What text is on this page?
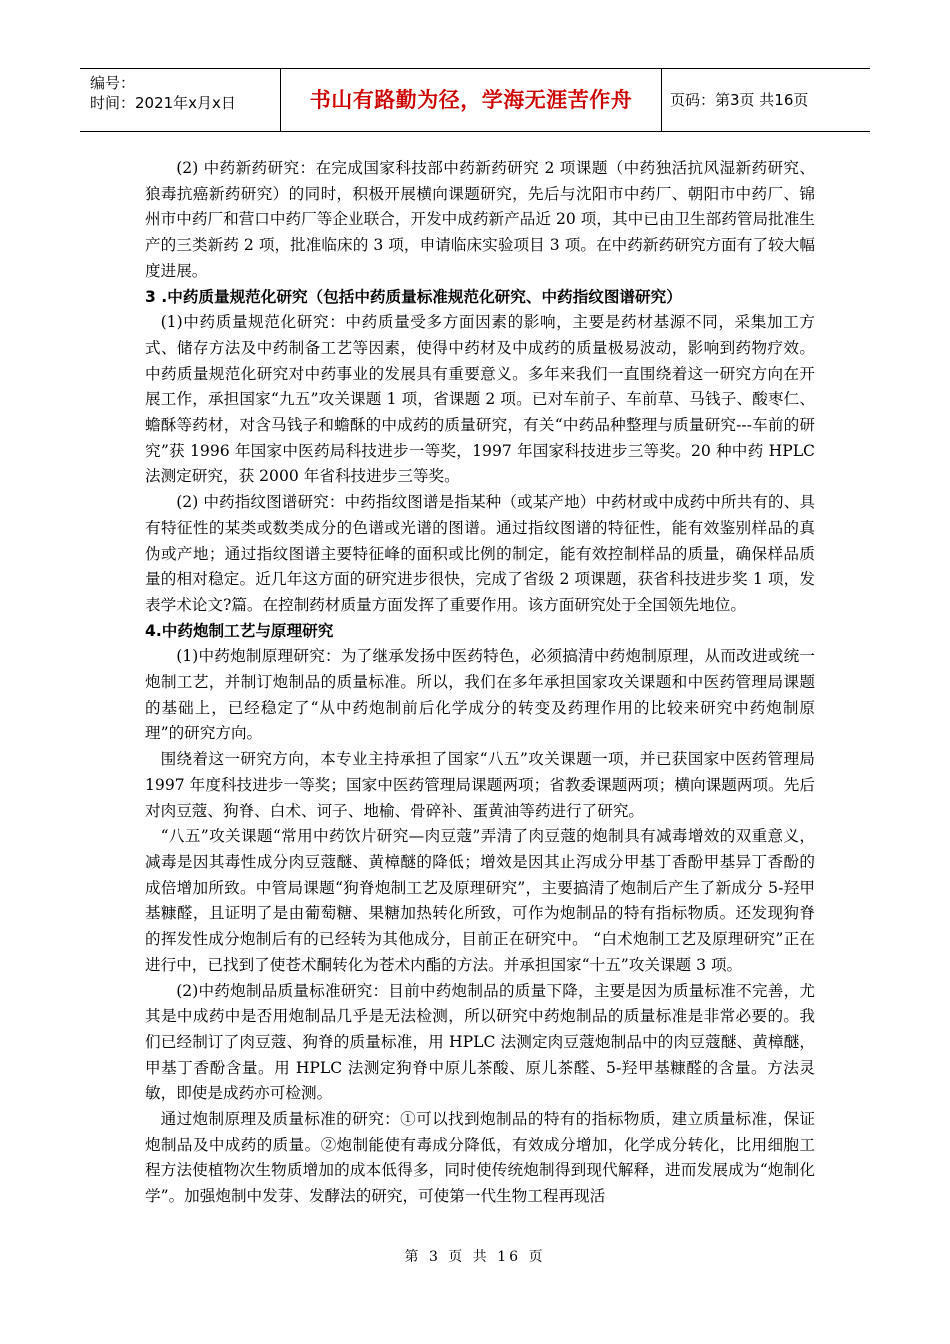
编号：
时间：2021年x月x日	书山有路勤为径，学海无涯苦作舟	页码：第3页 共16页

(2) 中药新药研究：在完成国家科技部中药新药研究 2 项课题（中药独活抗风湿新药研究、狼毒抗癌新药研究）的同时，积极开展横向课题研究，先后与沈阳市中药厂、朝阳市中药厂、锦州市中药厂和营口中药厂等企业联合，开发中成药新产品近 20 项，其中已由卫生部药管局批准生产的三类新药 2 项，批准临床的 3 项，申请临床实验项目 3 项。在中药新药研究方面有了较大幅度进展。

3 .中药质量规范化研究（包括中药质量标准规范化研究、中药指纹图谱研究）

(1)中药质量规范化研究：中药质量受多方面因素的影响，主要是药材基源不同，采集加工方式、储存方法及中药制备工艺等因素，使得中药材及中成药的质量极易波动，影响到药物疗效。中药质量规范化研究对中药事业的发展具有重要意义。多年来我们一直围绕着这一研究方向在开展工作，承担国家“九五”攻关课题 1 项，省课题 2 项。已对车前子、车前草、马钱子、酸枣仁、蟾酥等药材，对含马钱子和蟾酥的中成药的质量研究，有关“中药品种整理与质量研究---车前的研究”获 1996 年国家中医药局科技进步一等奖，1997 年国家科技进步三等奖。20 种中药 HPLC 法测定研究，获 2000 年省科技进步三等奖。

(2) 中药指纹图谱研究：中药指纹图谱是指某种（或某产地）中药材或中成药中所共有的、具有特征性的某类或数类成分的色谱或光谱的图谱。通过指纹图谱的特征性，能有效鉴别样品的真伪或产地；通过指纹图谱主要特征峰的面积或比例的制定，能有效控制样品的质量，确保样品质量的相对稳定。近几年这方面的研究进步很快，完成了省级 2 项课题，获省科技进步奖 1 项，发表学术论文?篇。在控制药材质量方面发挥了重要作用。该方面研究处于全国领先地位。

4.中药炮制工艺与原理研究

(1)中药炮制原理研究：为了继承发扬中医药特色，必须搞清中药炮制原理，从而改进或统一炮制工艺，并制订炮制品的质量标准。所以，我们在多年承担国家攻关课题和中医药管理局课题的基础上，已经稳定了“从中药炮制前后化学成分的转变及药理作用的比较来研究中药炮制原理”的研究方向。

围绕着这一研究方向，本专业主持承担了国家“八五”攻关课题一项，并已获国家中医药管理局 1997 年度科技进步一等奖；国家中医药管理局课题两项；省教委课题两项；横向课题两项。先后对肉豆蔻、狗脊、白术、诃子、地榆、骨碎补、蛋黄油等药进行了研究。

“八五”攻关课题“常用中药饮片研究—肉豆蔻”弄清了肉豆蔻的炮制具有减毒增效的双重意义，减毒是因其毒性成分肉豆蔻醚、黄樟醚的降低；增效是因其止泻成分甲基丁香酚甲基异丁香酚的成倍增加所致。中管局课题“狗脊炮制工艺及原理研究”，主要搞清了炮制后产生了新成分 5-羟甲基糠醛，且证明了是由葡萄糖、果糖加热转化所致，可作为炮制品的特有指标物质。还发现狗脊的挥发性成分炮制后有的已经转为其他成分，目前正在研究中。 “白术炮制工艺及原理研究”正在进行中，已找到了使苍术酮转化为苍术内酯的方法。并承担国家“十五”攻关课题 3 项。

(2)中药炮制品质量标准研究：目前中药炮制品的质量下降，主要是因为质量标准不完善，尤其是中成药中是否用炮制品几乎是无法检测，所以研究中药炮制品的质量标准是非常必要的。我们已经制订了肉豆蔻、狗脊的质量标准，用 HPLC 法测定肉豆蔻炮制品中的肉豆蔻醚、黄樟醚，甲基丁香酚含量。用 HPLC 法测定狗脊中原儿茶酸、原儿茶醛、5-羟甲基糠醛的含量。方法灵敏，即使是成药亦可检测。

通过炮制原理及质量标准的研究：①可以找到炮制品的特有的指标物质，建立质量标准，保证炮制品及中成药的质量。②炮制能使有毒成分降低，有效成分增加，化学成分转化，比用细胞工程方法使植物次生物质增加的成本低得多，同时使传统炮制得到现代解释，进而发展成为“炮制化学”。加强炮制中发芽、发酵法的研究，可使第一代生物工程再现活

第 3 页 共 16 页
